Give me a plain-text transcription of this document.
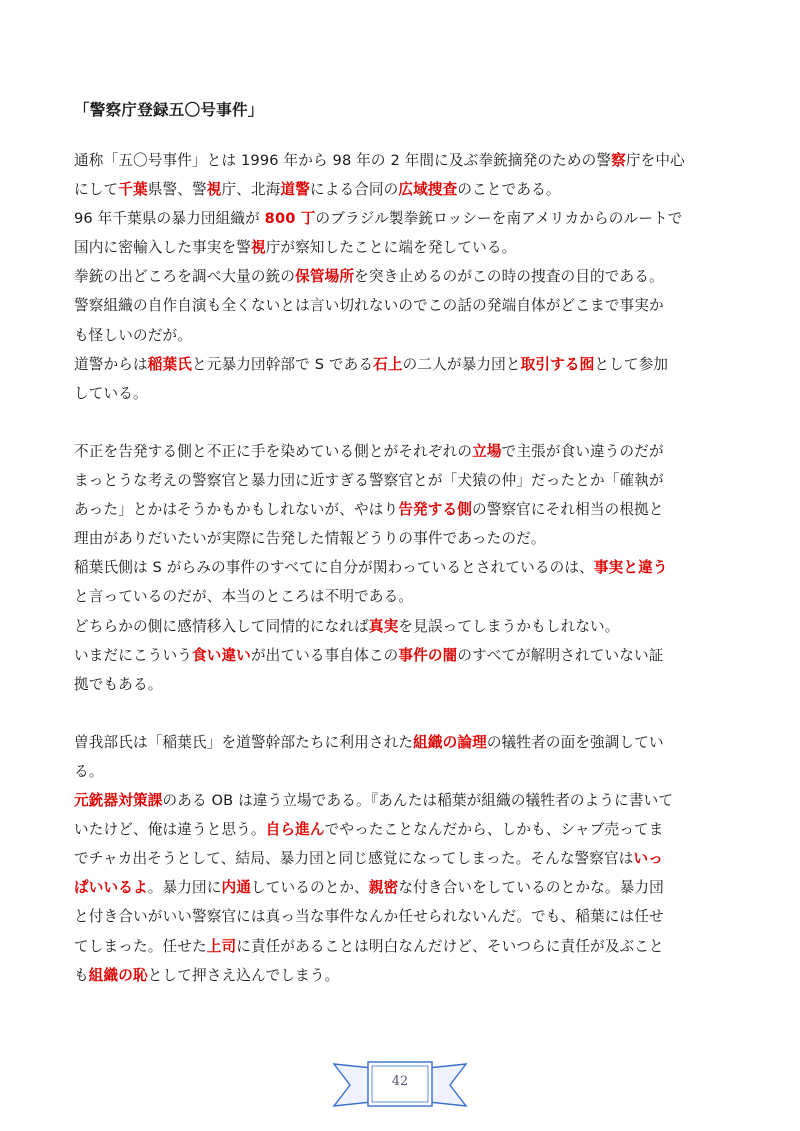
「警察庁登録五〇号事件」
通称「五〇号事件」とは 1996 年から 98 年の 2 年間に及ぶ拳銃摘発のための警察庁を中心
にして千葉県警、警視庁、北海道警による合同の広域捜査のことである。
96 年千葉県の暴力団組織が 800 丁のブラジル製拳銃ロッシーを南アメリカからのルートで
国内に密輸入した事実を警視庁が察知したことに端を発している。
拳銃の出どころを調べ大量の銃の保管場所を突き止めるのがこの時の捜査の目的である。
警察組織の自作自演も全くないとは言い切れないのでこの話の発端自体がどこまで事実か
も怪しいのだが。
道警からは稲葉氏と元暴力団幹部で S である石上の二人が暴力団と取引する囮として参加
している。
不正を告発する側と不正に手を染めている側とがそれぞれの立場で主張が食い違うのだが
まっとうな考えの警察官と暴力団に近すぎる警察官とが「犬猿の仲」だったとか「確執が
あった」とかはそうかもかもしれないが、やはり告発する側の警察官にそれ相当の根拠と
理由がありだいたいが実際に告発した情報どうりの事件であったのだ。
稲葉氏側は S がらみの事件のすべてに自分が関わっているとされているのは、事実と違う
と言っているのだが、本当のところは不明である。
どちらかの側に感情移入して同情的になれば真実を見誤ってしまうかもしれない。
いまだにこういう食い違いが出ている事自体この事件の闇のすべてが解明されていない証
拠でもある。
曽我部氏は「稲葉氏」を道警幹部たちに利用された組織の論理の犠牲者の面を強調してい
る。
元銃器対策課のある OB は違う立場である。『あんたは稲葉が組織の犠牲者のように書いて
いたけど、俺は違うと思う。自ら進んでやったことなんだから、しかも、シャブ売ってま
でチャカ出そうとして、結局、暴力団と同じ感覚になってしまった。そんな警察官はいっ
ぱいいるよ。暴力団に内通しているのとか、親密な付き合いをしているのとかな。暴力団
と付き合いがいい警察官には真っ当な事件なんか任せられないんだ。でも、稲葉には任せ
てしまった。任せた上司に責任があることは明白なんだけど、そいつらに責任が及ぶこと
も組織の恥として押さえ込んでしまう。
42
